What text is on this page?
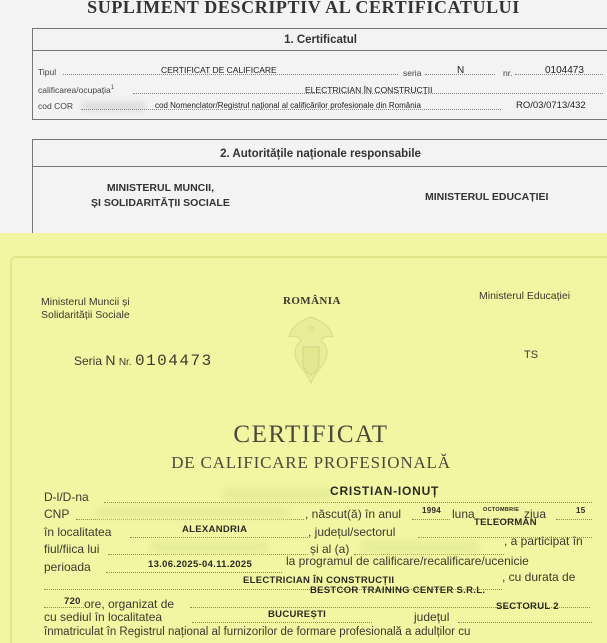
SUPLIMENT DESCRIPTIV AL CERTIFICATULUI
1. Certificatul
Tipul	CERTIFICAT DE CALIFICARE	seria	N	nr.	0104473
calificarea/ocupația$^1$	ELECTRICIAN ÎN CONSTRUCȚII
cod COR	cod Nomenclator/Registrul național al calificărilor profesionale din România	RO/03/0713/432
2. Autoritățile naționale responsabile
MINISTERUL MUNCII,
ȘI SOLIDARITĂȚII SOCIALE	MINISTERUL EDUCAȚIEI
Ministerul Muncii și
Solidarității Sociale
ROMÂNIA	Ministerul Educației
Seria N Nr. 0104473	TS
CERTIFICAT
DE CALIFICARE PROFESIONALĂ
D-l/D-na	CRISTIAN-IONUȚ
CNP	, născut(ă) în anul	1994 luna OCTOMBRIE ziua	15
în localitatea	ALEXANDRIA	, județul/sectorul
TELEORMAN
fiul/fiica lui	și al (a)
, a participat în
perioada	13.06.2025-04.11.2025	la programul de calificare/recalificare/ucenicie
ELECTRICIAN ÎN CONSTRUCȚII	, cu durata de
720 ore, organizat de
BESTCOR TRAINING CENTER S.R.L.
cu sediul în localitatea	BUCUREȘTI	județul
SECTORUL 2
înmatriculat în Registrul național al furnizorilor de formare profesională a adulților cu
